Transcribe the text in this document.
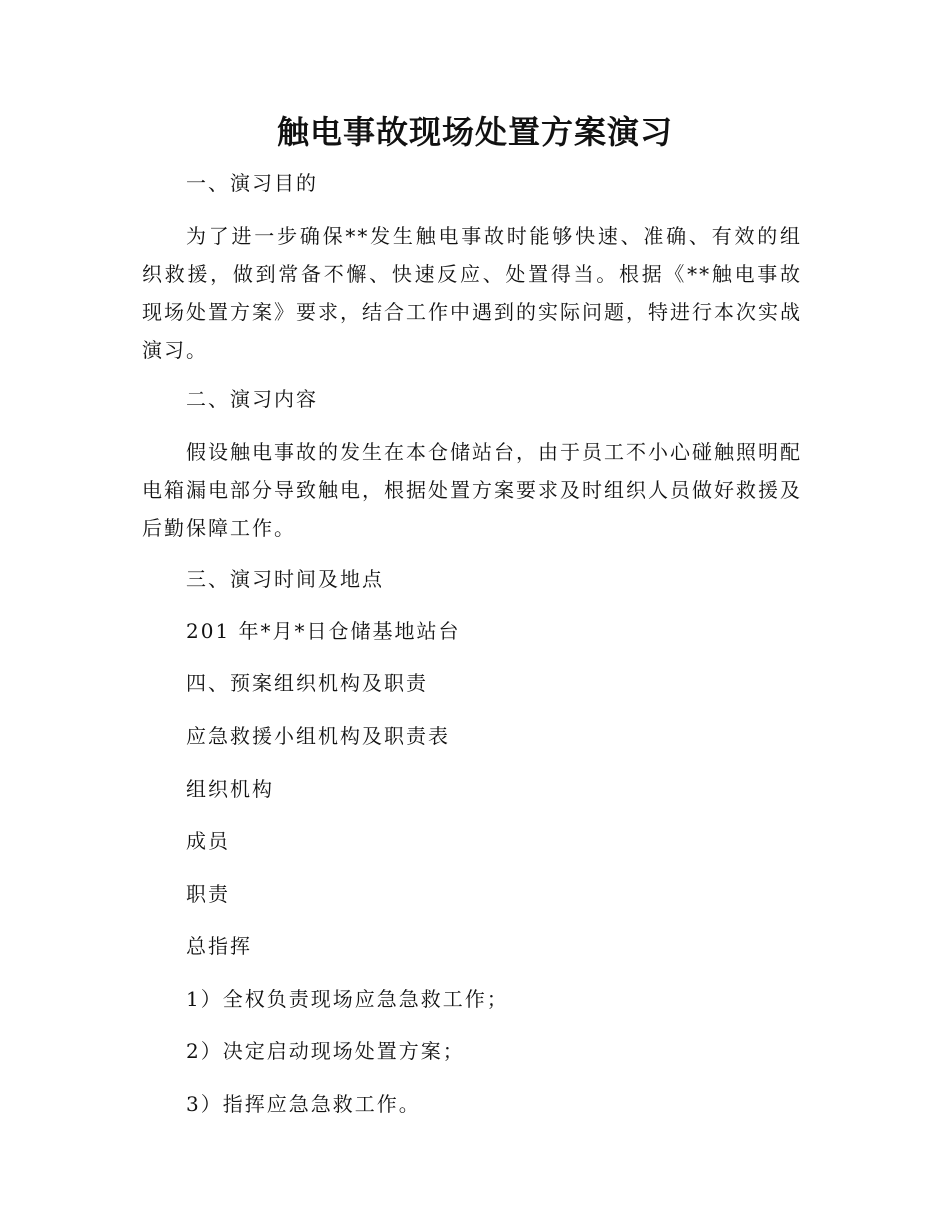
触电事故现场处置方案演习

一、演习目的

为了进一步确保**发生触电事故时能够快速、准确、有效的组织救援，做到常备不懈、快速反应、处置得当。根据《**触电事故现场处置方案》要求，结合工作中遇到的实际问题，特进行本次实战演习。

二、演习内容

假设触电事故的发生在本仓储站台，由于员工不小心碰触照明配电箱漏电部分导致触电，根据处置方案要求及时组织人员做好救援及后勤保障工作。

三、演习时间及地点

201 年*月*日仓储基地站台

四、预案组织机构及职责

应急救援小组机构及职责表

组织机构

成员

职责

总指挥

1）全权负责现场应急急救工作；

2）决定启动现场处置方案；

3）指挥应急急救工作。
